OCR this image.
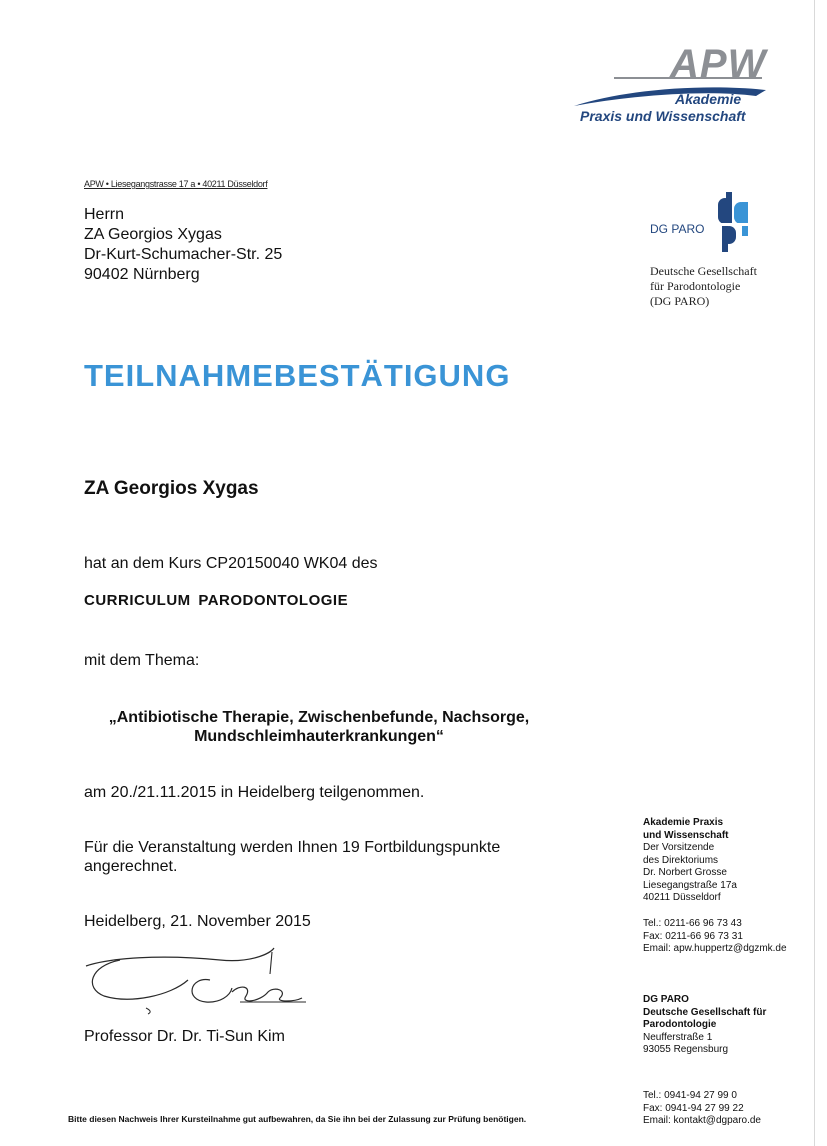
APW
Akademie
Praxis und Wissenschaft
DG PARO
Deutsche Gesellschaft
für Parodontologie
(DG PARO)
APW • Liesegangstrasse 17 a • 40211 Düsseldorf
Herrn
ZA Georgios Xygas
Dr-Kurt-Schumacher-Str. 25
90402 Nürnberg
TEILNAHMEBESTÄTIGUNG
ZA Georgios Xygas
hat an dem Kurs CP20150040 WK04 des
CURRICULUM PARODONTOLOGIE
mit dem Thema:
„Antibiotische Therapie, Zwischenbefunde, Nachsorge,
Mundschleimhauterkrankungen“
am 20./21.11.2015 in Heidelberg teilgenommen.
Für die Veranstaltung werden Ihnen 19 Fortbildungspunkte
angerechnet.
Heidelberg, 21. November 2015
Professor Dr. Dr. Ti-Sun Kim
Bitte diesen Nachweis Ihrer Kursteilnahme gut aufbewahren, da Sie ihn bei der Zulassung zur Prüfung benötigen.
Akademie Praxis
und Wissenschaft
Der Vorsitzende
des Direktoriums
Dr. Norbert Grosse
Liesegangstraße 17a
40211 Düsseldorf
Tel.: 0211-66 96 73 43
Fax: 0211-66 96 73 31
Email: apw.huppertz@dgzmk.de
DG PARO
Deutsche Gesellschaft für
Parodontologie
Neufferstraße 1
93055 Regensburg
Tel.: 0941-94 27 99 0
Fax: 0941-94 27 99 22
Email: kontakt@dgparo.de
